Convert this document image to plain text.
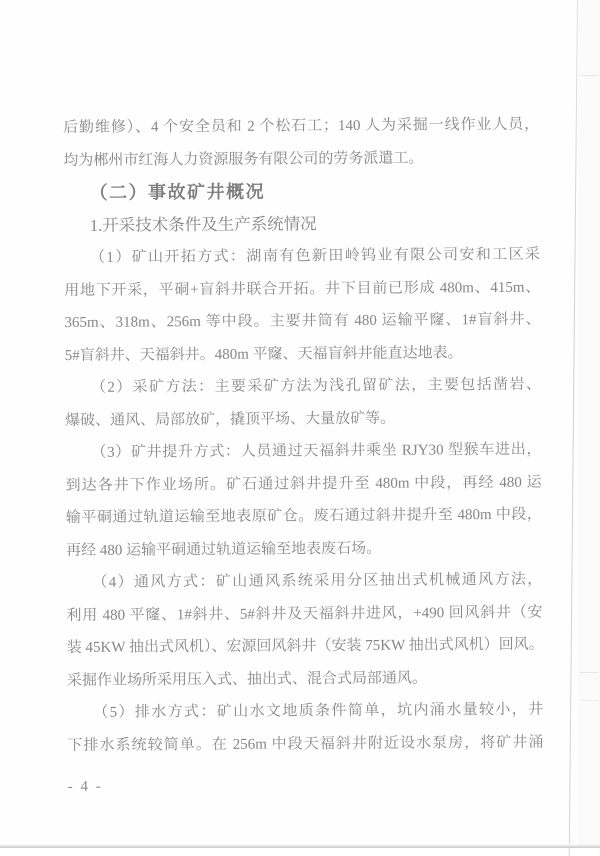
后勤维修）、4 个安全员和 2 个松石工；140 人为采掘一线作业人员，
均为郴州市红海人力资源服务有限公司的劳务派遣工。
（二）事故矿井概况
1.开采技术条件及生产系统情况
（1）矿山开拓方式：湖南有色新田岭钨业有限公司安和工区采
用地下开采，平硐+盲斜井联合开拓。井下目前已形成 480m、415m、
365m、318m、256m 等中段。主要井筒有 480 运输平窿、1#盲斜井、
5#盲斜井、天福斜井。480m 平窿、天福盲斜井能直达地表。
（2）采矿方法：主要采矿方法为浅孔留矿法，主要包括凿岩、
爆破、通风、局部放矿，撬顶平场、大量放矿等。
（3）矿井提升方式：人员通过天福斜井乘坐 RJY30 型猴车进出，
到达各井下作业场所。矿石通过斜井提升至 480m 中段，再经 480 运
输平硐通过轨道运输至地表原矿仓。废石通过斜井提升至 480m 中段，
再经 480 运输平硐通过轨道运输至地表废石场。
（4）通风方式：矿山通风系统采用分区抽出式机械通风方法，
利用 480 平窿、1#斜井、5#斜井及天福斜井进风，+490 回风斜井（安
装 45KW 抽出式风机）、宏源回风斜井（安装 75KW 抽出式风机）回风。
采掘作业场所采用压入式、抽出式、混合式局部通风。
（5）排水方式：矿山水文地质条件简单，坑内涌水量较小，井
下排水系统较简单。在 256m 中段天福斜井附近设水泵房，将矿井涌
- 4 -
